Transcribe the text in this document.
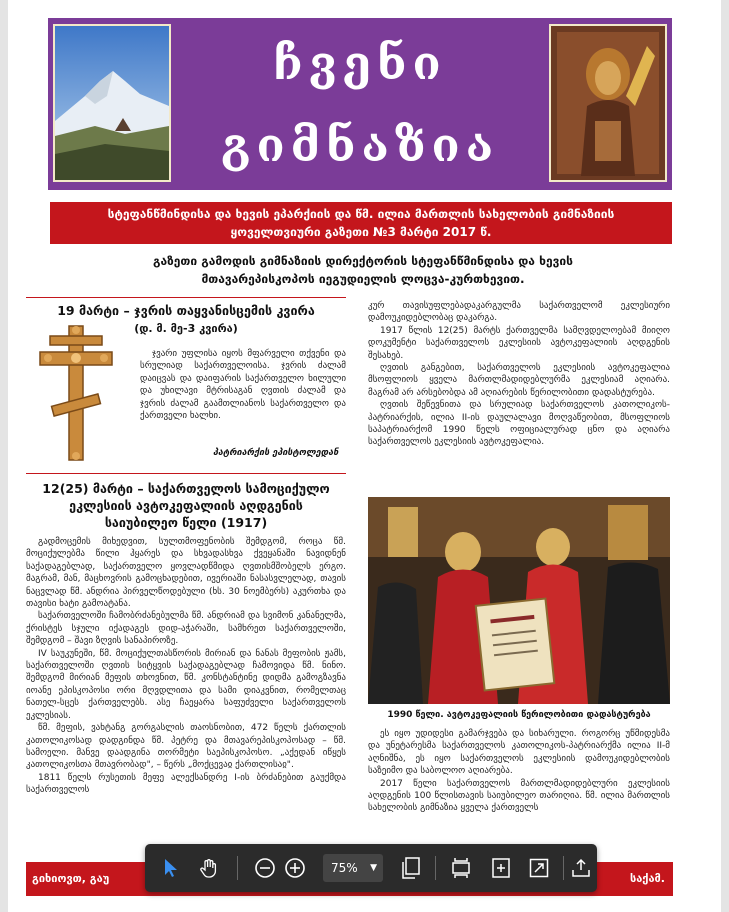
ჩვენი
გიმნაზია
სტეფანწმინდისა და ხევის ეპარქიის და წმ. ილია მართლის სახელობის გიმნაზიის
ყოველთვიური გაზეთი №3 მარტი 2017 წ.
გაზეთი გამოდის გიმნაზიის დირექტორის სტეფანწმინდისა და ხევის
მთავარეპისკოპოს იეგუდიელის ლოცვა-კურთხევით.
19 მარტი – ჯვრის თაყვანისცემის კვირა
(დ. მ. მე-3 კვირა)

ჯვარი უფლისა იყოს მფარველი თქვენი და სრულიად საქართველოისა. ჯვრის ძალამ დაიცვას და დაიფარის საქართველო ხილული და უხილავი მტრისაგან ღვთის ძალამ და ჯვრის ძალამ გაამთლიანოს საქართველო და ქართველი ხალხი.

პატრიარქის ეპისტოლედან
12(25) მარტი – საქართველოს სამოციქულო
ეკლესიის ავტოკეფალიის აღდგენის
საიუბილეო წელი (1917)

გადმოცემის მიხედვით, სულთმოფენობის შემდგომ, როცა წმ. მოციქულებმა წილი ჰყარეს და სხვადასხვა ქვეყანაში ნავიდნენ საქადაგებლად, საქართველო ყოვლადწმიდა ღვთისმშობელს ერგო. მაგრამ, მან, მაცხოვრის გამოცხადებით, ივერიაში ნასასვლელად, თავის ნაცვლად წმ. ანდრია პირველწოდებული (ხს. 30 ნოემბერს) აკურთხა და თავისი ხატი გამოატანა.

საქართველოში ჩამობრძანებულმა წმ. ანდრიამ და სვიმონ კანანელმა, ქრისტეს სჯული იქადაგეს დიდ-აჭარაში, სამხრეთ საქართველოში, შემდგომ – შავი ზღვის სანაპიროზე.

IV საუკუნეში, წმ. მოციქულთასწორის მირიან და ნანას მეფობის ჟამს, საქართველოში ღვთის სიტყვის საქადაგებლად ჩამოვიდა წმ. ნინო. შემდგომ მირიან მეფის თხოვნით, წმ. კონსტანტინე დიდმა გამოგზავნა იოანე ეპისკოპოსი ორი მღვდლითა და სამი დიაკვნით, რომელთაც ნათელ-სცეს ქართველებს. ასე ჩაეყარა საფუძველი საქართველოს ეკლესიას.

წმ. მეფის, ვახტანგ გორგასლის თაოსნობით, 472 წელს ქართლის კათოლიკოსად დადგინდა წმ. პეტრე და მთავარეპისკოპოსად – წმ. სამოელი. მანვე დაადგინა თორმეტი საეპისკოპოსო. „აქედან იწყეს კათოლიკოსთა მთავრობად", – წერს „მოქცევაჲ ქართლისაჲ".

1811 წელს რუსეთის მეფე ალექსანდრე I-ის ბრძანებით გაუქმდა საქართველოს

კურ თავისუფლებადაკარგულმა საქართველომ ეკლესიური დამოუკიდებლობაც დაკარგა.

1917 წლის 12(25) მარტს ქართველმა სამღვდელოებამ მიიღო დოკუმენტი საქართველოს ეკლესიის ავტოკეფალიის აღდგენის შესახებ.

ღვთის განგებით, საქართველოს ეკლესიის ავტოკეფალია მსოფლიოს ყველა მართლმადიდებლურმა ეკლესიამ აღიარა. მაგრამ არ არსებობდა ამ აღიარების წერილობითი დადასტურება.

ღვთის შეწევნითა და სრულიად საქართველოს კათოლიკოს-პატრიარქის, ილია II-ის დაულალავი მოღვაწეობით, მსოფლიოს საპატრიარქომ 1990 წელს ოფიციალურად ცნო და აღიარა საქართველოს ეკლესიის ავტოკეფალია.

1990 წელი. ავტოკეფალიის წერილობითი დადასტურება

ეს იყო უდიდესი გამარჯვება და სიხარული. როგორც უწმიდესმა და უნეტარესმა საქართველოს კათოლიკოს-პატრიარქმა ილია II-მ აღნიშნა, ეს იყო საქართველოს ეკლესიის დამოუკიდებლობის საზეიმო და საბოლოო აღიარება.

2017 წელი საქართველოს მართლმადიდებლური ეკლესიის აღდგენის 100 წლისთავის საიუბილეო თარიღია. წმ. ილია მართლის სახელობის გიმნაზია ყველა ქართველს

გიხიოვთ, გაუ	საქამ.
75% ▼
